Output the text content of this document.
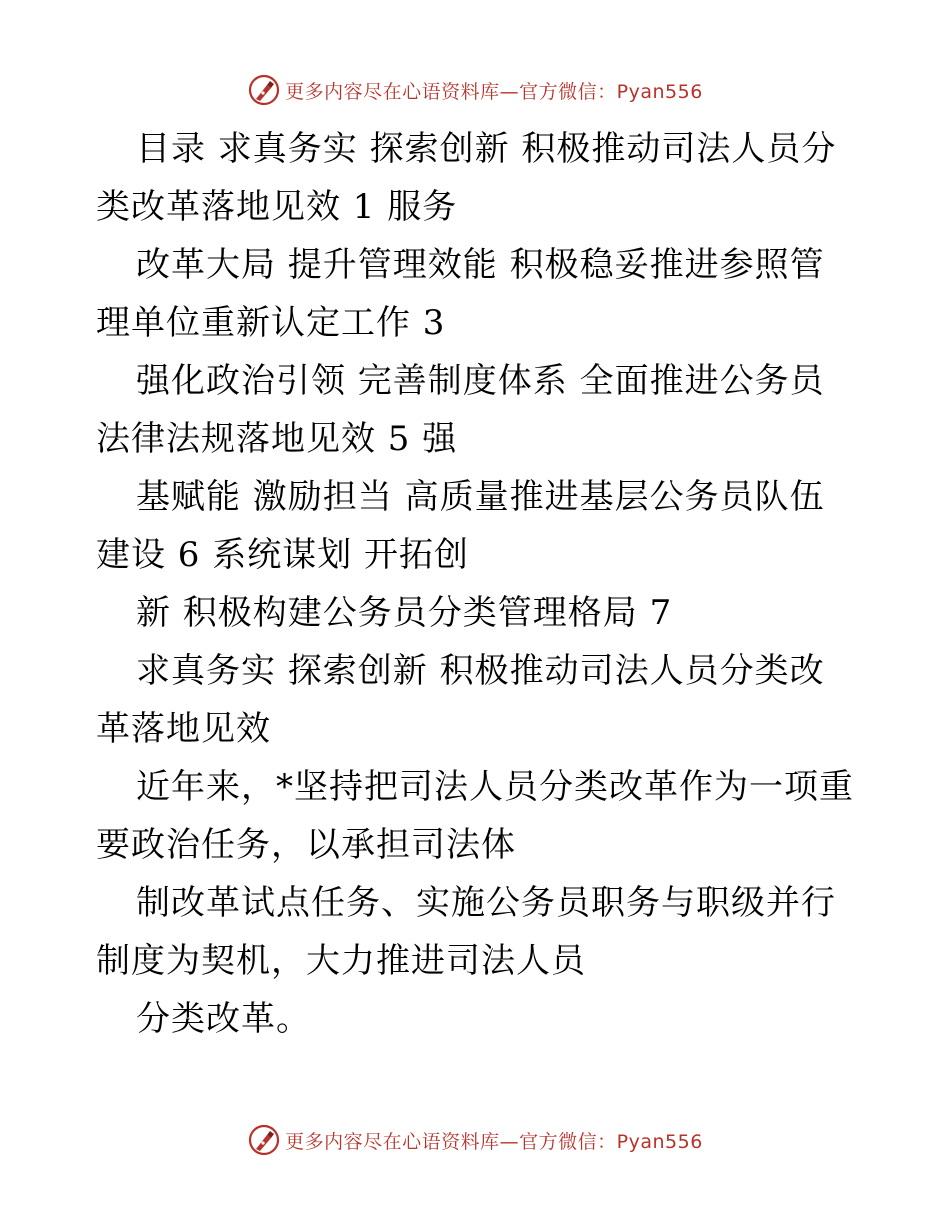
更多内容尽在心语资料库—官方微信：Pyan556

目录 求真务实 探索创新 积极推动司法人员分类改革落地见效 1 服务

改革大局 提升管理效能 积极稳妥推进参照管理单位重新认定工作 3

强化政治引领 完善制度体系 全面推进公务员法律法规落地见效 5 强

基赋能 激励担当 高质量推进基层公务员队伍建设 6 系统谋划 开拓创

新 积极构建公务员分类管理格局 7

求真务实 探索创新 积极推动司法人员分类改革落地见效

近年来，*坚持把司法人员分类改革作为一项重要政治任务，以承担司法体

制改革试点任务、实施公务员职务与职级并行制度为契机，大力推进司法人员

分类改革。

更多内容尽在心语资料库—官方微信：Pyan556
